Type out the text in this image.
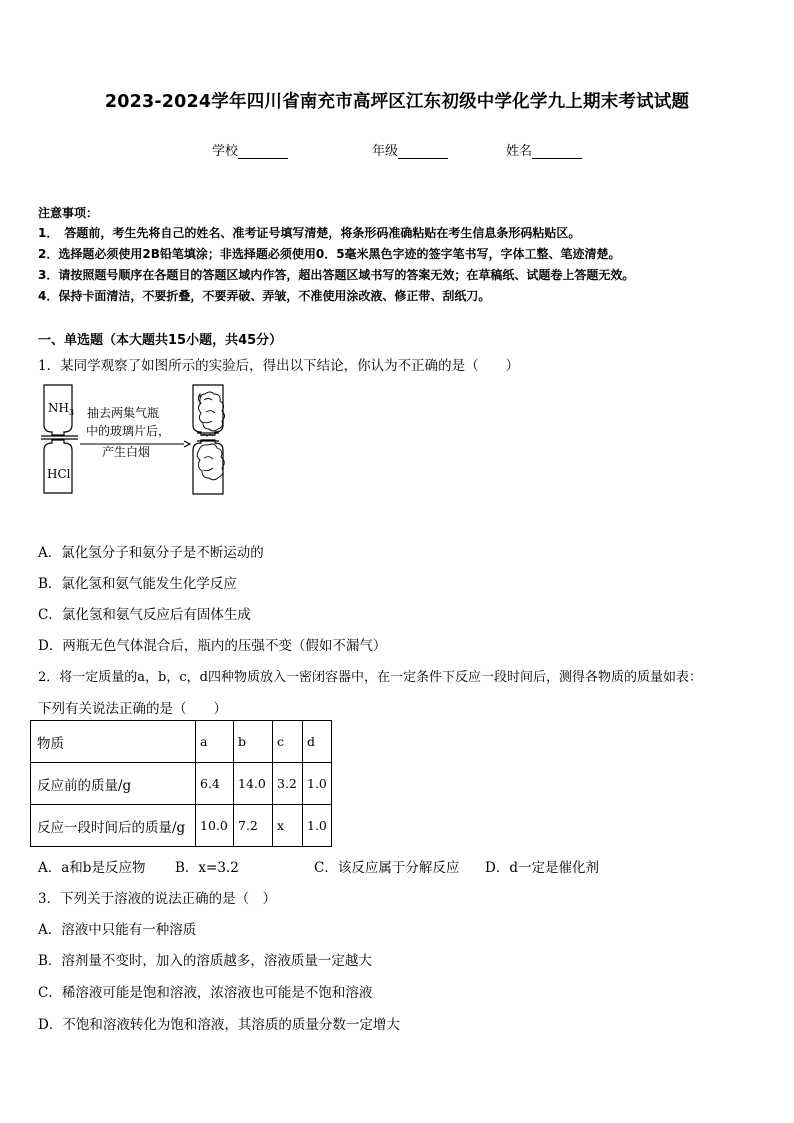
2023-2024学年四川省南充市高坪区江东初级中学化学九上期末考试试题
学校	年级	姓名
注意事项：
1．　答题前，考生先将自己的姓名、准考证号填写清楚，将条形码准确粘贴在考生信息条形码粘贴区。
2．选择题必须使用2B铅笔填涂；非选择题必须使用0．5毫米黑色字迹的签字笔书写，字体工整、笔迹清楚。
3．请按照题号顺序在各题目的答题区域内作答，超出答题区域书写的答案无效；在草稿纸、试题卷上答题无效。
4．保持卡面清洁，不要折叠，不要弄破、弄皱，不准使用涂改液、修正带、刮纸刀。
一、单选题（本大题共15小题，共45分）
1．某同学观察了如图所示的实验后，得出以下结论，你认为不正确的是（　　）
$NH_3$
HCl
抽去两集气瓶
中的玻璃片后，
产生白烟
A．氯化氢分子和氨分子是不断运动的
B．氯化氢和氨气能发生化学反应
C．氯化氢和氨气反应后有固体生成
D．两瓶无色气体混合后，瓶内的压强不变（假如不漏气）
2．将一定质量的a，b，c，d四种物质放入一密闭容器中，在一定条件下反应一段时间后，测得各物质的质量如表：
下列有关说法正确的是（　　）
物质	a	b	c	d
反应前的质量/g	6.4	14.0	3.2	1.0
反应一段时间后的质量/g	10.0	7.2	x	1.0
A．a和b是反应物 B．x=3.2	C．该反应属于分解反应 D．d一定是催化剂
3．下列关于溶液的说法正确的是（　）
A．溶液中只能有一种溶质
B．溶剂量不变时，加入的溶质越多，溶液质量一定越大
C．稀溶液可能是饱和溶液，浓溶液也可能是不饱和溶液
D．不饱和溶液转化为饱和溶液，其溶质的质量分数一定增大
